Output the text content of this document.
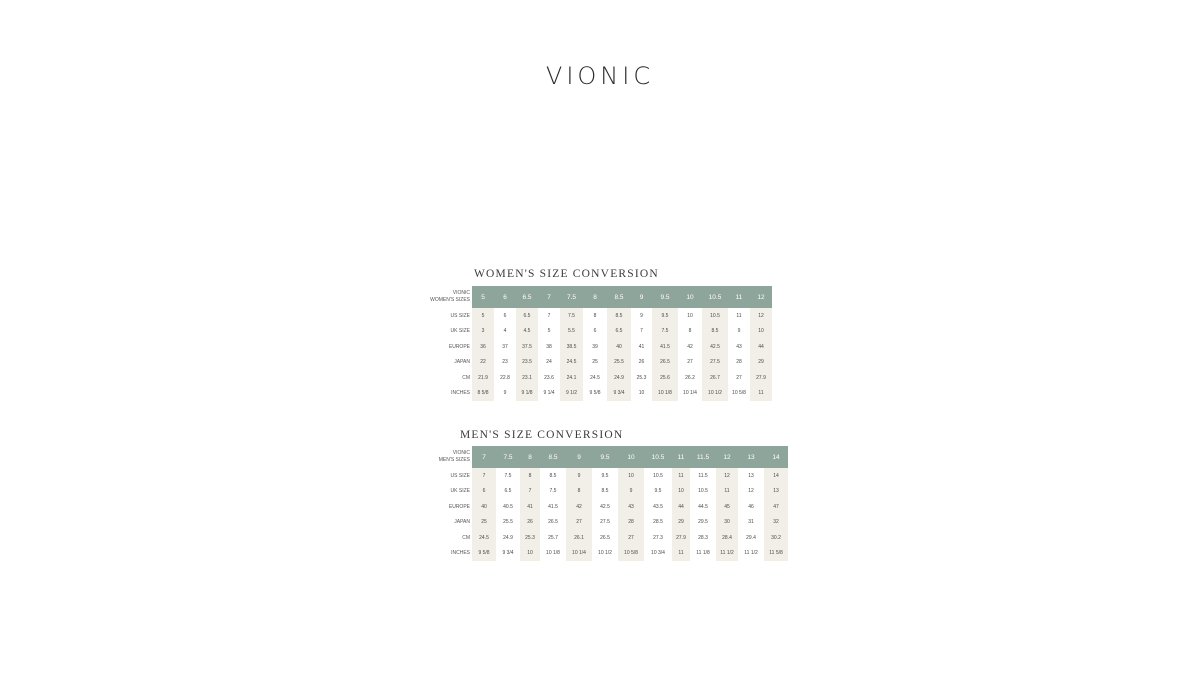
VIONIC
WOMEN'S SIZE CONVERSION
VIONIC
WOMEN'S SIZES	5	6	6.5	7	7.5	8	8.5	9	9.5	10	10.5	11	12
US SIZE	5	6	6.5	7	7.5	8	8.5	9	9.5	10	10.5	11	12
UK SIZE	3	4	4.5	5	5.5	6	6.5	7	7.5	8	8.5	9	10
EUROPE	36	37	37.5	38	38.5	39	40	41	41.5	42	42.5	43	44
JAPAN	22	23	23.5	24	24.5	25	25.5	26	26.5	27	27.5	28	29
CM	21.9	22.8	23.1	23.6	24.1	24.5	24.9	25.3	25.6	26.2	26.7	27	27.9
INCHES	8 5/8	9	9 1/8	9 1/4	9 1/2	9 5/8	9 3/4	10	10 1/8	10 1/4	10 1/2	10 5/8	11
MEN'S SIZE CONVERSION
VIONIC
MEN'S SIZES	7	7.5	8	8.5	9	9.5	10	10.5	11	11.5	12	13	14
US SIZE	7	7.5	8	8.5	9	9.5	10	10.5	11	11.5	12	13	14
UK SIZE	6	6.5	7	7.5	8	8.5	9	9.5	10	10.5	11	12	13
EUROPE	40	40.5	41	41.5	42	42.5	43	43.5	44	44.5	45	46	47
JAPAN	25	25.5	26	26.5	27	27.5	28	28.5	29	29.5	30	31	32
CM	24.5	24.9	25.3	25.7	26.1	26.5	27	27.3	27.9	28.3	28.4	29.4	30.2
INCHES	9 5/8	9 3/4	10	10 1/8	10 1/4	10 1/2	10 5/8	10 3/4	11	11 1/8	11 1/2	11 1/2	11 5/8
